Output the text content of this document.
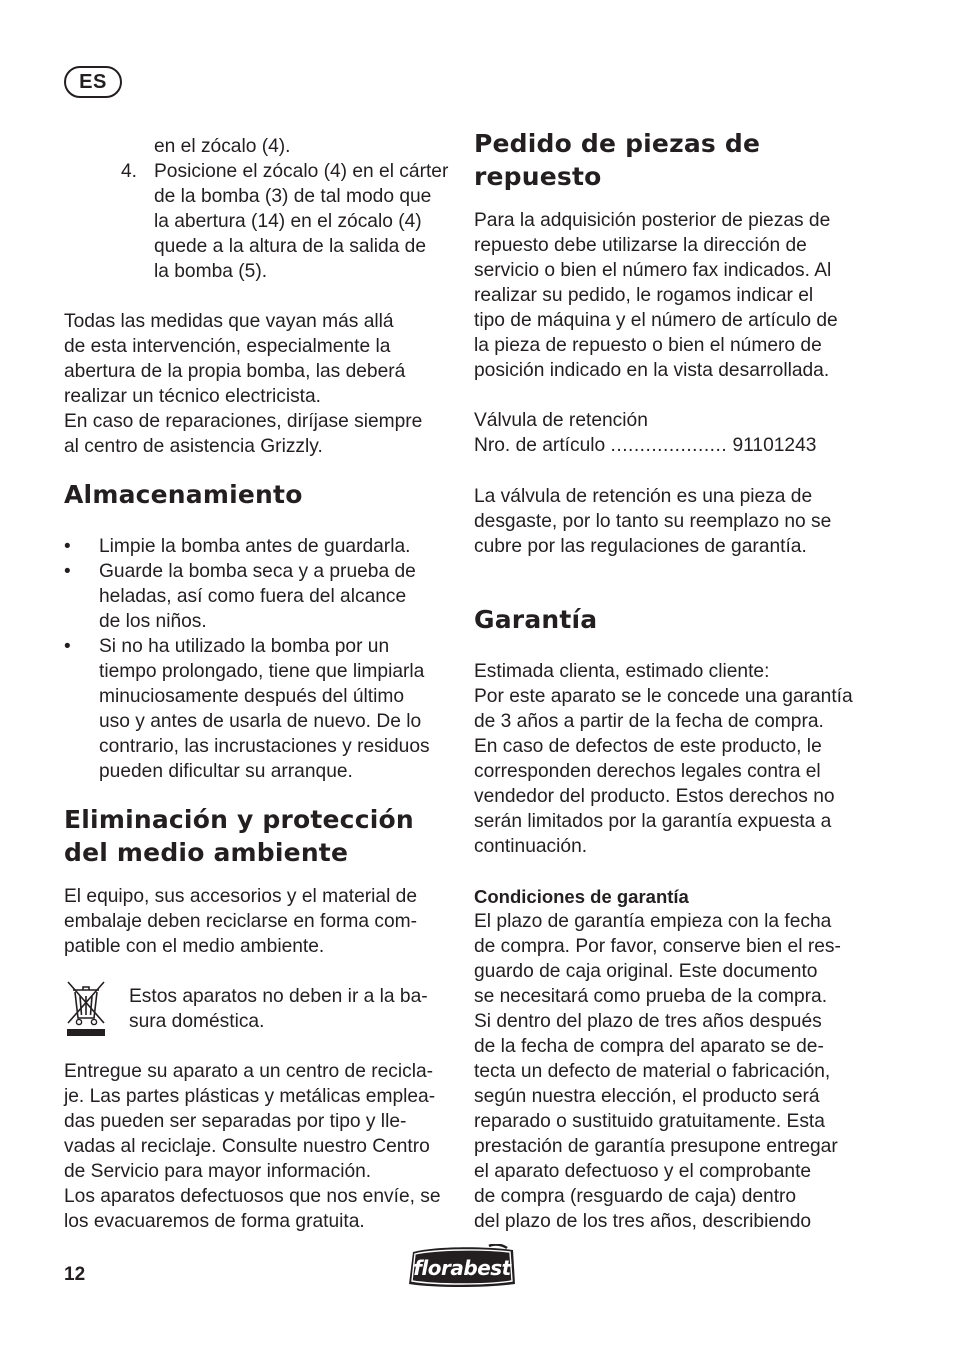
ES
en el zócalo (4).
4. Posicione el zócalo (4) en el cárter
de la bomba (3) de tal modo que
la abertura (14) en el zócalo (4)
quede a la altura de la salida de
la bomba (5).
Todas las medidas que vayan más allá
de esta intervención, especialmente la
abertura de la propia bomba, las deberá
realizar un técnico electricista.
En caso de reparaciones, diríjase siempre
al centro de asistencia Grizzly.
Almacenamiento
• Limpie la bomba antes de guardarla.
• Guarde la bomba seca y a prueba de
heladas, así como fuera del alcance
de los niños.
• Si no ha utilizado la bomba por un
tiempo prolongado, tiene que limpiarla
minuciosamente después del último
uso y antes de usarla de nuevo. De lo
contrario, las incrustaciones y residuos
pueden dificultar su arranque.
Eliminación y protección
del medio ambiente
El equipo, sus accesorios y el material de
embalaje deben reciclarse en forma com-
patible con el medio ambiente.
Estos aparatos no deben ir a la ba-
sura doméstica.
Entregue su aparato a un centro de recicla-
je. Las partes plásticas y metálicas emplea-
das pueden ser separadas por tipo y lle-
vadas al reciclaje. Consulte nuestro Centro
de Servicio para mayor información.
Los aparatos defectuosos que nos envíe, se
los evacuaremos de forma gratuita.
Pedido de piezas de
repuesto
Para la adquisición posterior de piezas de
repuesto debe utilizarse la dirección de
servicio o bien el número fax indicados. Al
realizar su pedido, le rogamos indicar el
tipo de máquina y el número de artículo de
la pieza de repuesto o bien el número de
posición indicado en la vista desarrollada.
Válvula de retención
Nro. de artículo .................... 91101243
La válvula de retención es una pieza de
desgaste, por lo tanto su reemplazo no se
cubre por las regulaciones de garantía.
Garantía
Estimada clienta, estimado cliente:
Por este aparato se le concede una garantía
de 3 años a partir de la fecha de compra.
En caso de defectos de este producto, le
corresponden derechos legales contra el
vendedor del producto. Estos derechos no
serán limitados por la garantía expuesta a
continuación.
Condiciones de garantía
El plazo de garantía empieza con la fecha
de compra. Por favor, conserve bien el res-
guardo de caja original. Este documento
se necesitará como prueba de la compra.
Si dentro del plazo de tres años después
de la fecha de compra del aparato se de-
tecta un defecto de material o fabricación,
según nuestra elección, el producto será
reparado o sustituido gratuitamente. Esta
prestación de garantía presupone entregar
el aparato defectuoso y el comprobante
de compra (resguardo de caja) dentro
del plazo de los tres años, describiendo
12	florabest
